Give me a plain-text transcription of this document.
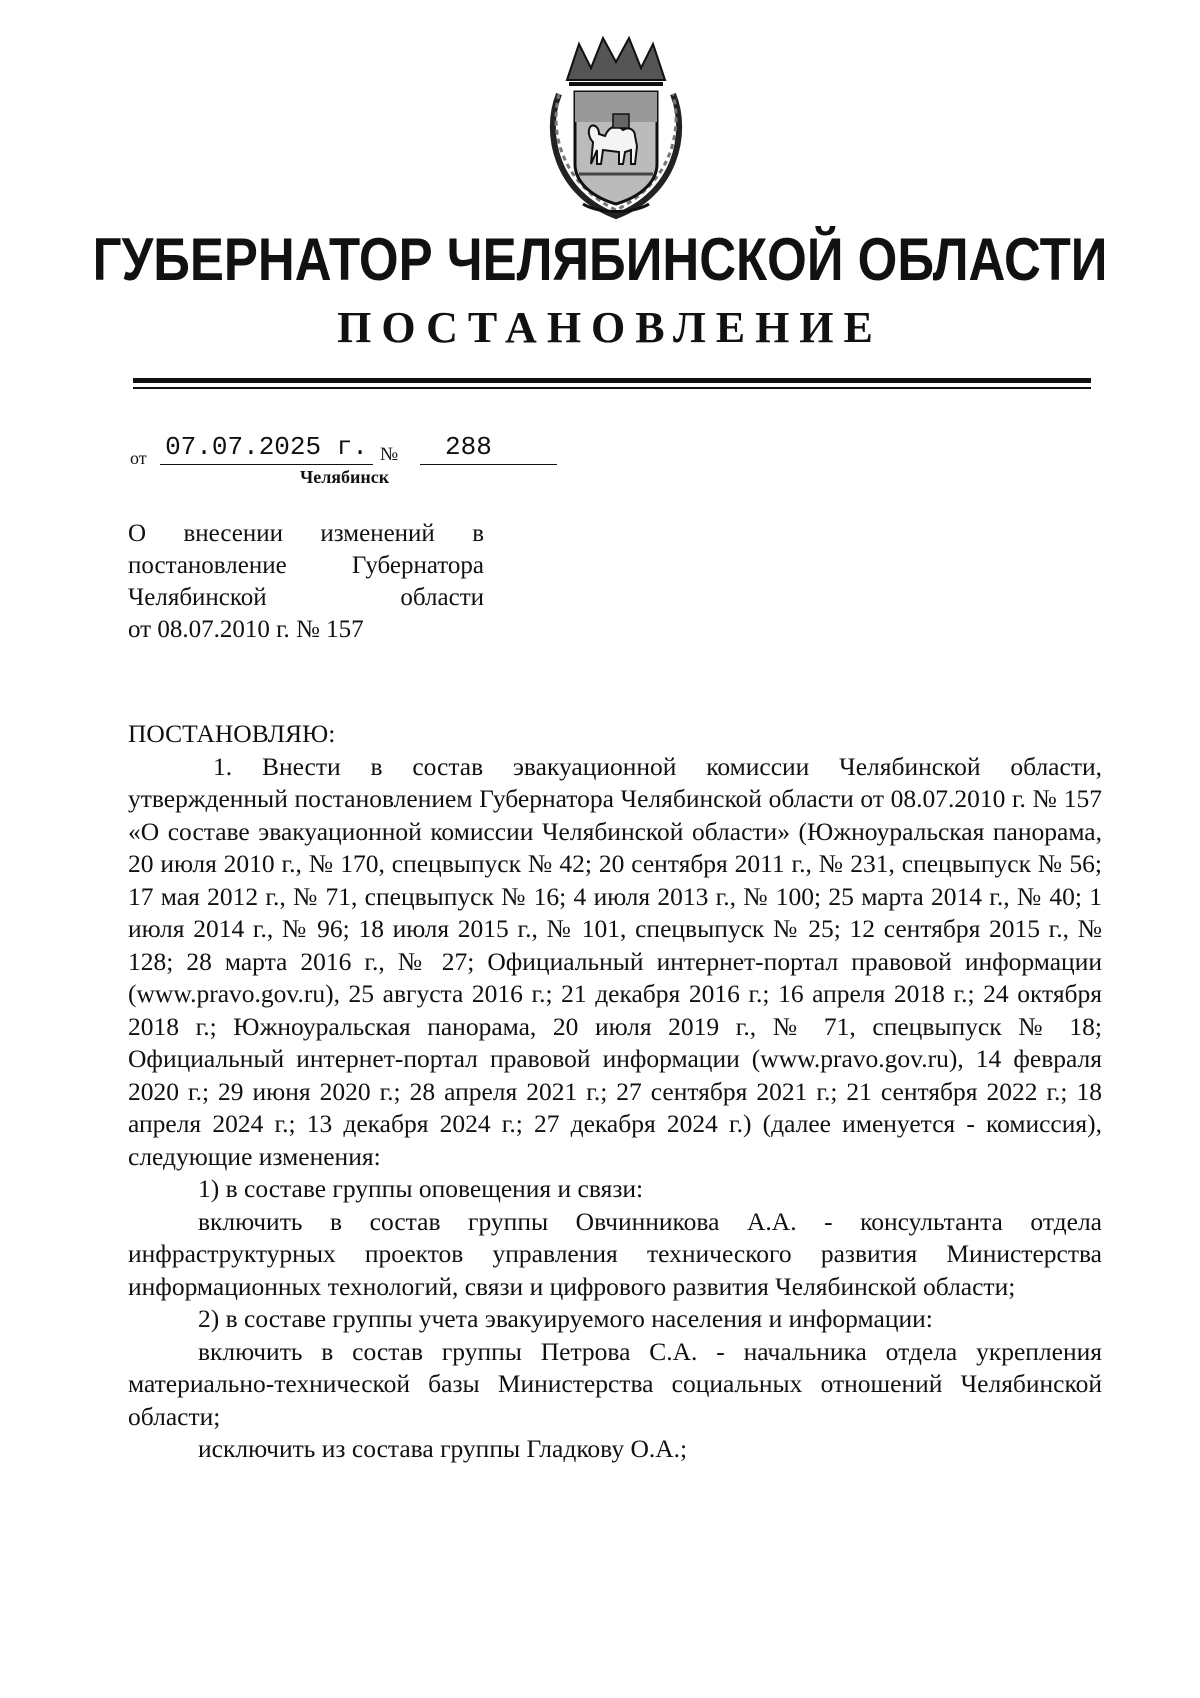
ГУБЕРНАТОР ЧЕЛЯБИНСКОЙ ОБЛАСТИ
ПОСТАНОВЛЕНИЕ
от 07.07.2025 г. №	288
Челябинск
О внесении изменений в
постановление Губернатора
Челябинской области
от 08.07.2010 г. № 157

ПОСТАНОВЛЯЮ:

1. Внести в состав эвакуационной комиссии Челябинской области, утвержденный постановлением Губернатора Челябинской области от 08.07.2010 г. № 157 «О составе эвакуационной комиссии Челябинской области» (Южноуральская панорама, 20 июля 2010 г., № 170, спецвыпуск № 42; 20 сентября 2011 г., № 231, спецвыпуск № 56; 17 мая 2012 г., № 71, спецвыпуск № 16; 4 июля 2013 г., № 100; 25 марта 2014 г., № 40; 1 июля 2014 г., № 96; 18 июля 2015 г., № 101, спецвыпуск № 25; 12 сентября 2015 г., № 128; 28 марта 2016 г., № 27; Официальный интернет-портал правовой информации (www.pravo.gov.ru), 25 августа 2016 г.; 21 декабря 2016 г.; 16 апреля 2018 г.; 24 октября 2018 г.; Южноуральская панорама, 20 июля 2019 г., № 71, спецвыпуск № 18; Официальный интернет-портал правовой информации (www.pravo.gov.ru), 14 февраля 2020 г.; 29 июня 2020 г.; 28 апреля 2021 г.; 27 сентября 2021 г.; 21 сентября 2022 г.; 18 апреля 2024 г.; 13 декабря 2024 г.; 27 декабря 2024 г.) (далее именуется - комиссия), следующие изменения:

1) в составе группы оповещения и связи:

включить в состав группы Овчинникова А.А. - консультанта отдела инфраструктурных проектов управления технического развития Министерства информационных технологий, связи и цифрового развития Челябинской области;

2) в составе группы учета эвакуируемого населения и информации:

включить в состав группы Петрова С.А. - начальника отдела укрепления материально-технической базы Министерства социальных отношений Челябинской области;

исключить из состава группы Гладкову О.А.;
